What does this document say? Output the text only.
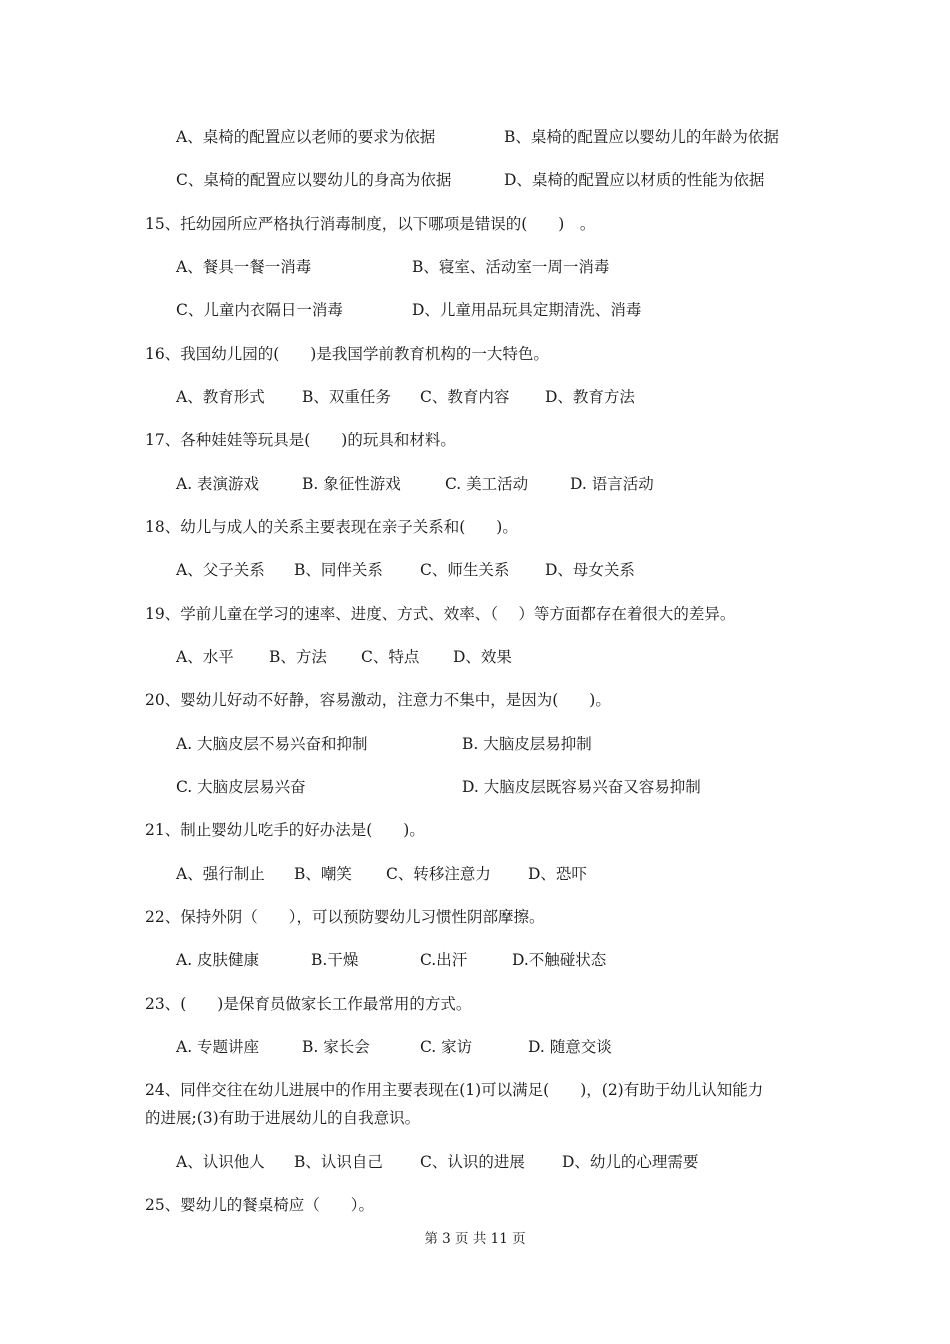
A、桌椅的配置应以老师的要求为依据	B、桌椅的配置应以婴幼儿的年龄为依据
C、桌椅的配置应以婴幼儿的身高为依据	D、桌椅的配置应以材质的性能为依据
15、托幼园所应严格执行消毒制度，以下哪项是错误的(　　)　。
A、餐具一餐一消毒	B、寝室、活动室一周一消毒
C、儿童内衣隔日一消毒	D、儿童用品玩具定期清洗、消毒
16、我国幼儿园的(　　)是我国学前教育机构的一大特色。
A、教育形式 B、双重任务 C、教育内容 D、教育方法
17、各种娃娃等玩具是(　　)的玩具和材料。
A. 表演游戏	B. 象征性游戏	C. 美工活动	D. 语言活动
18、幼儿与成人的关系主要表现在亲子关系和(　　)。
A、父子关系 B、同伴关系 C、师生关系 D、母女关系
19、学前儿童在学习的速率、进度、方式、效率、（　 ）等方面都存在着很大的差异。
A、水平 B、方法 C、特点 D、效果
20、婴幼儿好动不好静，容易激动，注意力不集中，是因为(　　)。
A. 大脑皮层不易兴奋和抑制	B. 大脑皮层易抑制
C. 大脑皮层易兴奋	D. 大脑皮层既容易兴奋又容易抑制
21、制止婴幼儿吃手的好办法是(　　)。
A、强行制止 B、嘲笑 C、转移注意力 D、恐吓
22、保持外阴（　　），可以预防婴幼儿习惯性阴部摩擦。
A. 皮肤健康	B.干燥	C.出汗	D.不触碰状态
23、(　　)是保育员做家长工作最常用的方式。
A. 专题讲座	B. 家长会	C. 家访	D. 随意交谈
24、同伴交往在幼儿进展中的作用主要表现在(1)可以满足(　　)，(2)有助于幼儿认知能力
的进展;(3)有助于进展幼儿的自我意识。
A、认识他人 B、认识自己 C、认识的进展 D、幼儿的心理需要
25、婴幼儿的餐桌椅应（　　）。
第 3 页 共 11 页
